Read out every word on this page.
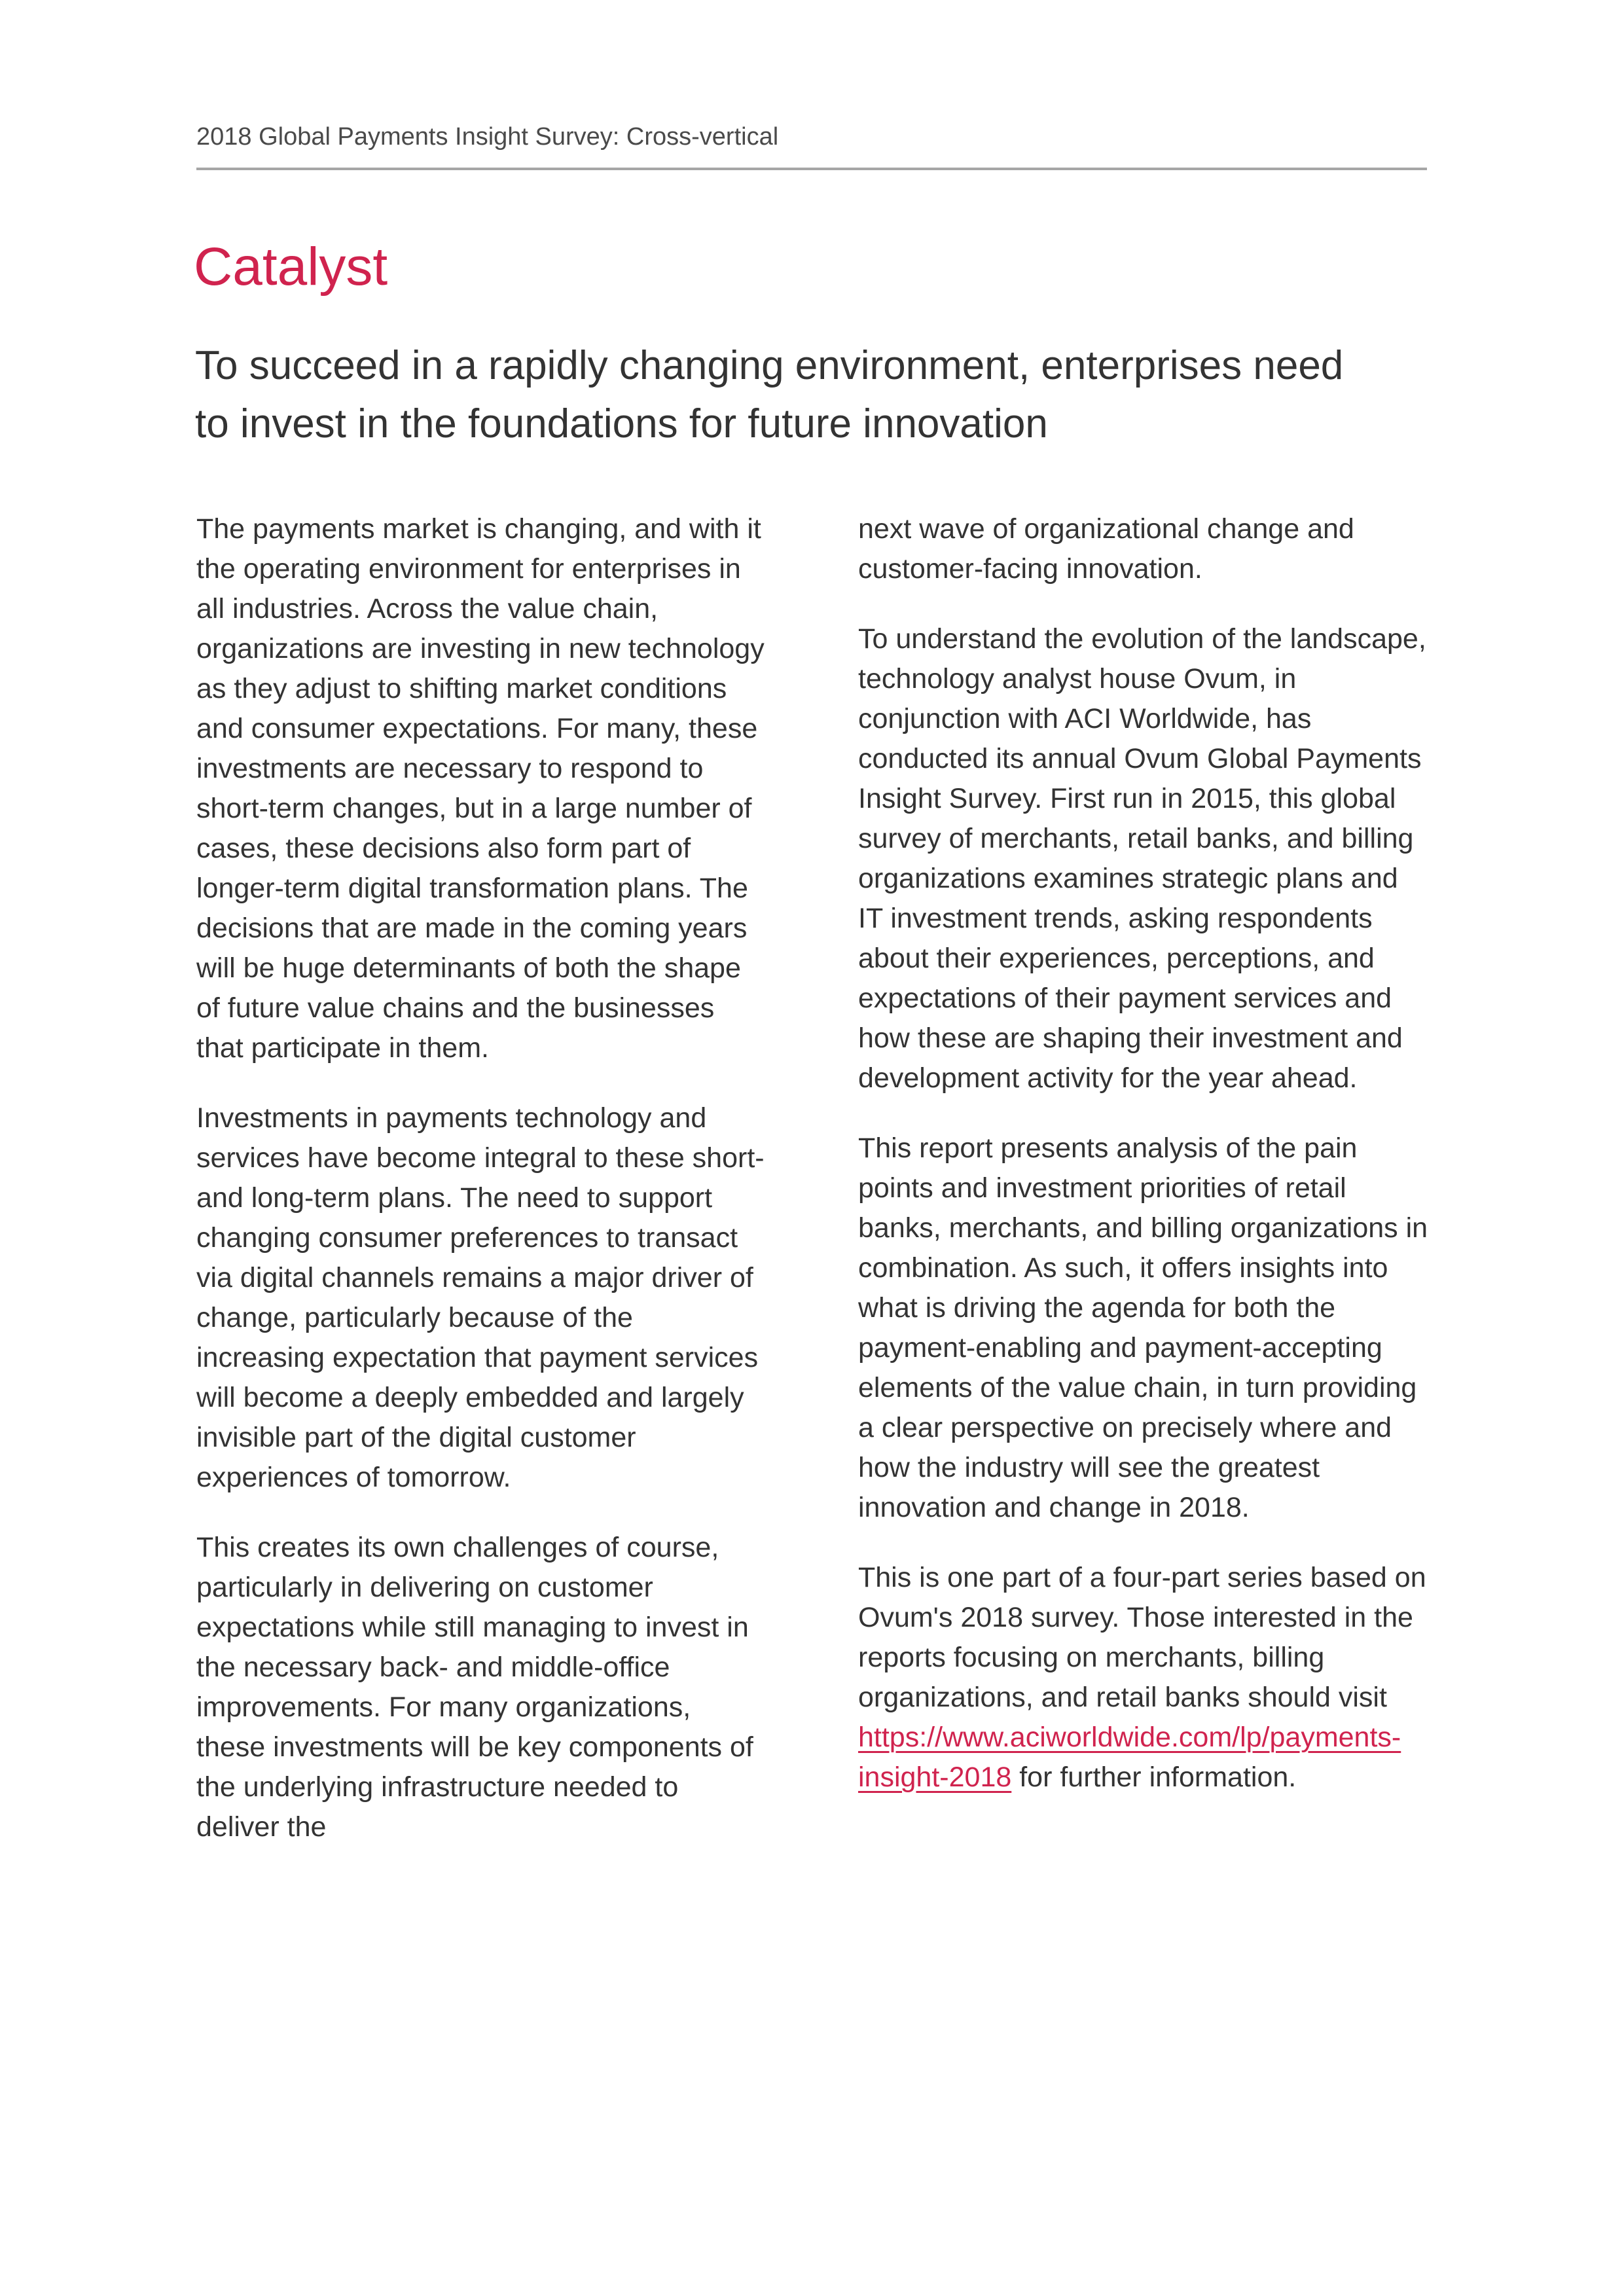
2018 Global Payments Insight Survey: Cross-vertical
Catalyst
To succeed in a rapidly changing environment, enterprises need to invest in the foundations for future innovation

The payments market is changing, and with it the operating environment for enterprises in all industries. Across the value chain, organizations are investing in new technology as they adjust to shifting market conditions and consumer expectations. For many, these investments are necessary to respond to short-term changes, but in a large number of cases, these decisions also form part of longer-term digital transformation plans. The decisions that are made in the coming years will be huge determinants of both the shape of future value chains and the businesses that participate in them.

Investments in payments technology and services have become integral to these short- and long-term plans. The need to support changing consumer preferences to transact via digital channels remains a major driver of change, particularly because of the increasing expectation that payment services will become a deeply embedded and largely invisible part of the digital customer experiences of tomorrow.

This creates its own challenges of course, particularly in delivering on customer expectations while still managing to invest in the necessary back- and middle-office improvements. For many organizations, these investments will be key components of the underlying infrastructure needed to deliver the

next wave of organizational change and customer-facing innovation.

To understand the evolution of the landscape, technology analyst house Ovum, in conjunction with ACI Worldwide, has conducted its annual Ovum Global Payments Insight Survey. First run in 2015, this global survey of merchants, retail banks, and billing organizations examines strategic plans and IT investment trends, asking respondents about their experiences, perceptions, and expectations of their payment services and how these are shaping their investment and development activity for the year ahead.

This report presents analysis of the pain points and investment priorities of retail banks, merchants, and billing organizations in combination. As such, it offers insights into what is driving the agenda for both the payment-enabling and payment-accepting elements of the value chain, in turn providing a clear perspective on precisely where and how the industry will see the greatest innovation and change in 2018.

This is one part of a four-part series based on Ovum's 2018 survey. Those interested in the reports focusing on merchants, billing organizations, and retail banks should visit https://www.aciworldwide.com/lp/payments-insight-2018 for further information.
